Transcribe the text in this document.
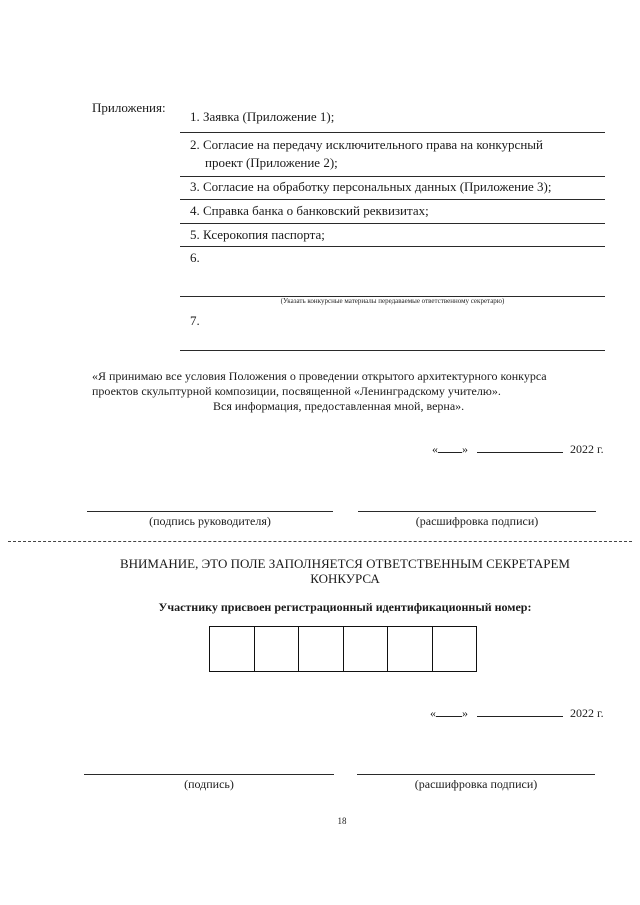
Приложения:
1. Заявка (Приложение 1);
2. Согласие на передачу исключительного права на конкурсный
проект (Приложение 2);
3. Согласие на обработку персональных данных (Приложение 3);
4. Справка банка о банковский реквизитах;
5. Ксерокопия паспорта;
6.
(Указать конкурсные материалы передаваемые ответственному секретарю)
7.
«Я принимаю все условия Положения о проведении открытого архитектурного конкурса
проектов скульптурной композиции, посвященной «Ленинградскому учителю».
Вся информация, предоставленная мной, верна».
« »	2022 г.
(подпись руководителя)	(расшифровка подписи)
ВНИМАНИЕ, ЭТО ПОЛЕ ЗАПОЛНЯЕТСЯ ОТВЕТСТВЕННЫМ СЕКРЕТАРЕМ
КОНКУРСА
Участнику присвоен регистрационный идентификационный номер:
« »	2022 г.
(подпись)	(расшифровка подписи)
18
